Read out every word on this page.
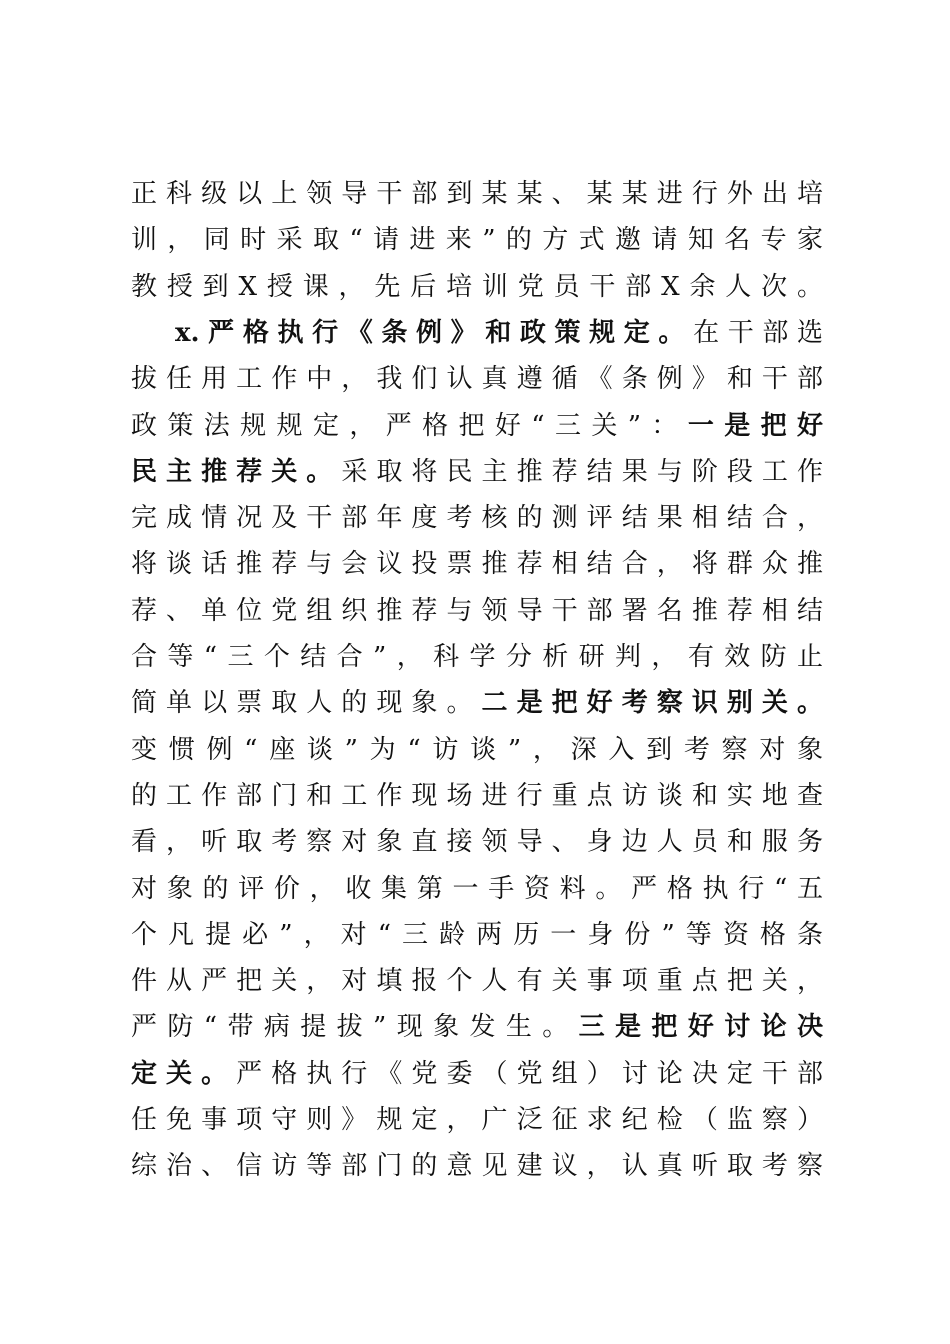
正科级以上领导干部到某某、某某进行外出培
训，同时采取“请进来”的方式邀请知名专家
教授到X授课，先后培训党员干部X余人次。
x.严格执行《条例》和政策规定。在干部选
拔任用工作中，我们认真遵循《条例》和干部
政策法规规定，严格把好“三关”：一是把好
民主推荐关。采取将民主推荐结果与阶段工作
完成情况及干部年度考核的测评结果相结合，
将谈话推荐与会议投票推荐相结合，将群众推
荐、单位党组织推荐与领导干部署名推荐相结
合等“三个结合”，科学分析研判，有效防止
简单以票取人的现象。二是把好考察识别关。
变惯例“座谈”为“访谈”，深入到考察对象
的工作部门和工作现场进行重点访谈和实地查
看，听取考察对象直接领导、身边人员和服务
对象的评价，收集第一手资料。严格执行“五
个凡提必”，对“三龄两历一身份”等资格条
件从严把关，对填报个人有关事项重点把关，
严防“带病提拔”现象发生。三是把好讨论决
定关。严格执行《党委（党组）讨论决定干部
任免事项守则》规定，广泛征求纪检（监察）
综治、信访等部门的意见建议，认真听取考察
